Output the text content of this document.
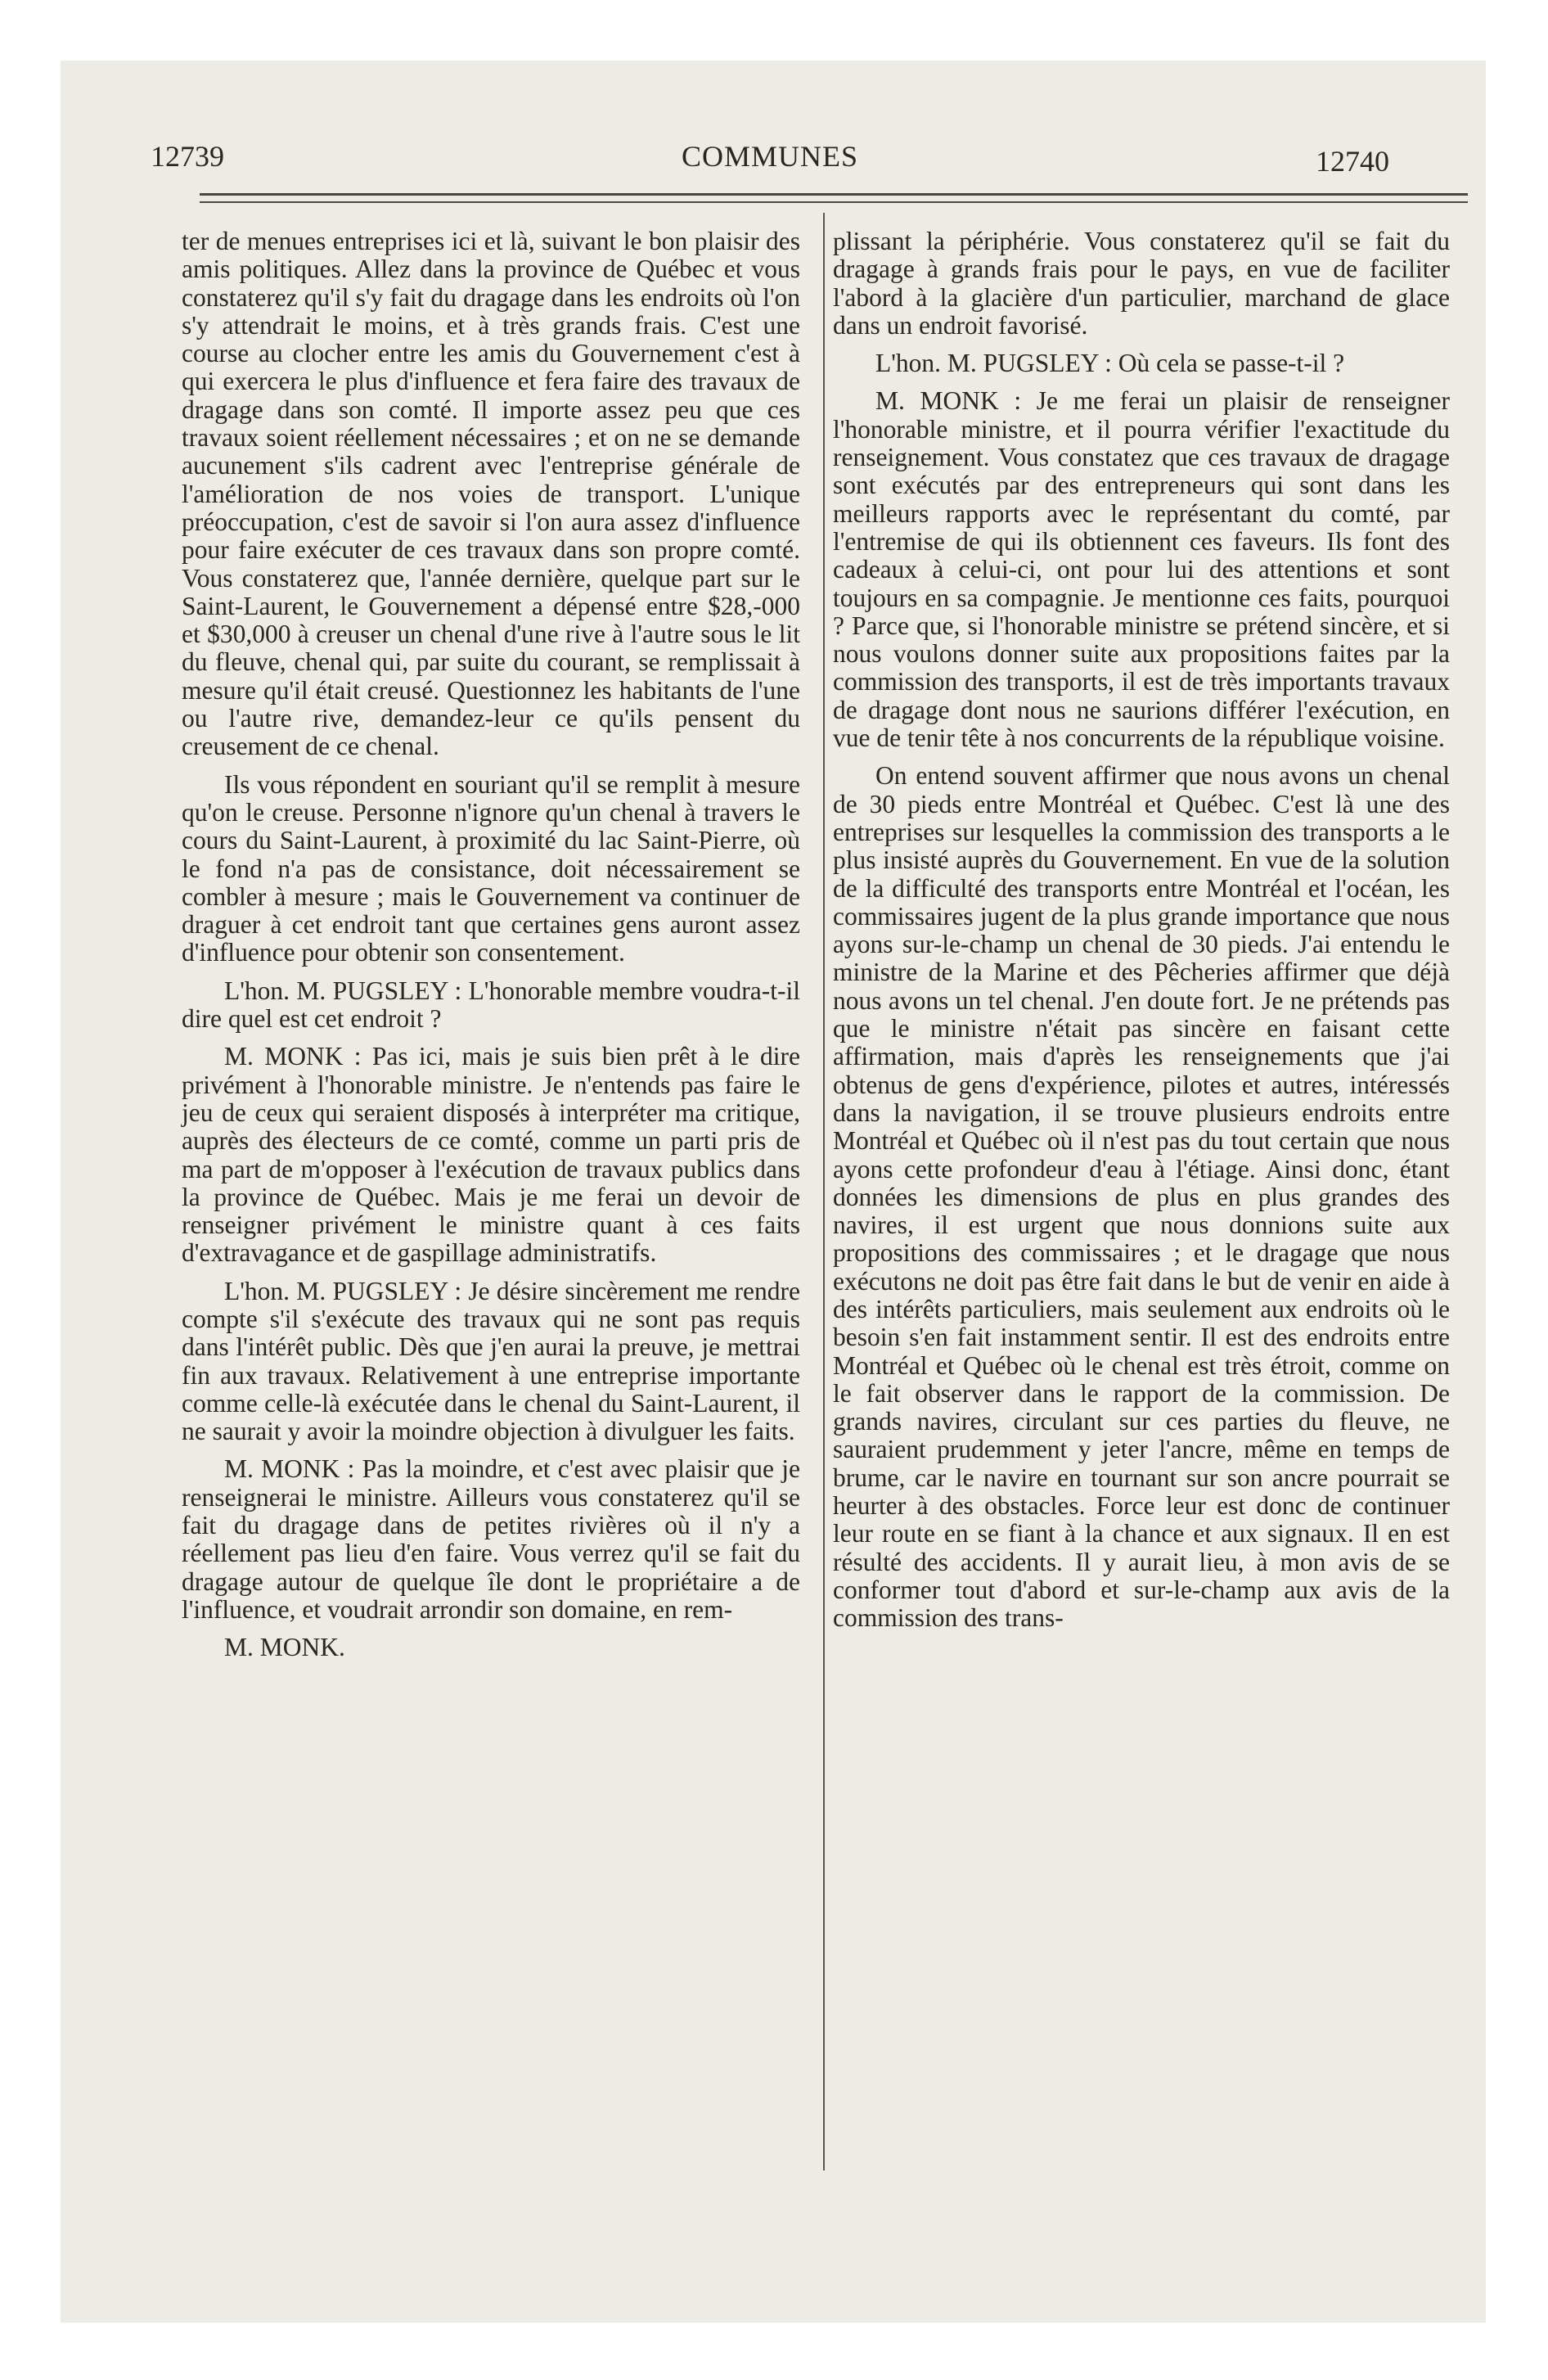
12739	COMMUNES	12740

ter de menues entreprises ici et là, suivant le bon plaisir des amis politiques. Allez dans la province de Québec et vous constaterez qu'il s'y fait du dragage dans les endroits où l'on s'y attendrait le moins, et à très grands frais. C'est une course au clocher entre les amis du Gouvernement c'est à qui exercera le plus d'influence et fera faire des travaux de dragage dans son comté. Il importe assez peu que ces travaux soient réellement nécessaires ; et on ne se demande aucunement s'ils cadrent avec l'entreprise générale de l'amélioration de nos voies de transport. L'unique préoccupation, c'est de savoir si l'on aura assez d'influence pour faire exécuter de ces travaux dans son propre comté. Vous constaterez que, l'année dernière, quelque part sur le Saint-Laurent, le Gouvernement a dépensé entre $28,-000 et $30,000 à creuser un chenal d'une rive à l'autre sous le lit du fleuve, chenal qui, par suite du courant, se remplissait à mesure qu'il était creusé. Questionnez les habitants de l'une ou l'autre rive, demandez-leur ce qu'ils pensent du creusement de ce chenal.

Ils vous répondent en souriant qu'il se remplit à mesure qu'on le creuse. Personne n'ignore qu'un chenal à travers le cours du Saint-Laurent, à proximité du lac Saint-Pierre, où le fond n'a pas de consistance, doit nécessairement se combler à mesure ; mais le Gouvernement va continuer de draguer à cet endroit tant que certaines gens auront assez d'influence pour obtenir son consentement.

L'hon. M. PUGSLEY : L'honorable membre voudra-t-il dire quel est cet endroit ?

M. MONK : Pas ici, mais je suis bien prêt à le dire privément à l'honorable ministre. Je n'entends pas faire le jeu de ceux qui seraient disposés à interpréter ma critique, auprès des électeurs de ce comté, comme un parti pris de ma part de m'opposer à l'exécution de travaux publics dans la province de Québec. Mais je me ferai un devoir de renseigner privément le ministre quant à ces faits d'extravagance et de gaspillage administratifs.

L'hon. M. PUGSLEY : Je désire sincèrement me rendre compte s'il s'exécute des travaux qui ne sont pas requis dans l'intérêt public. Dès que j'en aurai la preuve, je mettrai fin aux travaux. Relativement à une entreprise importante comme celle-là exécutée dans le chenal du Saint-Laurent, il ne saurait y avoir la moindre objection à divulguer les faits.

M. MONK : Pas la moindre, et c'est avec plaisir que je renseignerai le ministre. Ailleurs vous constaterez qu'il se fait du dragage dans de petites rivières où il n'y a réellement pas lieu d'en faire. Vous verrez qu'il se fait du dragage autour de quelque île dont le propriétaire a de l'influence, et voudrait arrondir son domaine, en rem-

M. MONK.

plissant la périphérie. Vous constaterez qu'il se fait du dragage à grands frais pour le pays, en vue de faciliter l'abord à la glacière d'un particulier, marchand de glace dans un endroit favorisé.

L'hon. M. PUGSLEY : Où cela se passe-t-il ?

M. MONK : Je me ferai un plaisir de renseigner l'honorable ministre, et il pourra vérifier l'exactitude du renseignement. Vous constatez que ces travaux de dragage sont exécutés par des entrepreneurs qui sont dans les meilleurs rapports avec le représentant du comté, par l'entremise de qui ils obtiennent ces faveurs. Ils font des cadeaux à celui-ci, ont pour lui des attentions et sont toujours en sa compagnie. Je mentionne ces faits, pourquoi ? Parce que, si l'honorable ministre se prétend sincère, et si nous voulons donner suite aux propositions faites par la commission des transports, il est de très importants travaux de dragage dont nous ne saurions différer l'exécution, en vue de tenir tête à nos concurrents de la république voisine.

On entend souvent affirmer que nous avons un chenal de 30 pieds entre Montréal et Québec. C'est là une des entreprises sur lesquelles la commission des transports a le plus insisté auprès du Gouvernement. En vue de la solution de la difficulté des transports entre Montréal et l'océan, les commissaires jugent de la plus grande importance que nous ayons sur-le-champ un chenal de 30 pieds. J'ai entendu le ministre de la Marine et des Pêcheries affirmer que déjà nous avons un tel chenal. J'en doute fort. Je ne prétends pas que le ministre n'était pas sincère en faisant cette affirmation, mais d'après les renseignements que j'ai obtenus de gens d'expérience, pilotes et autres, intéressés dans la navigation, il se trouve plusieurs endroits entre Montréal et Québec où il n'est pas du tout certain que nous ayons cette profondeur d'eau à l'étiage. Ainsi donc, étant données les dimensions de plus en plus grandes des navires, il est urgent que nous donnions suite aux propositions des commissaires ; et le dragage que nous exécutons ne doit pas être fait dans le but de venir en aide à des intérêts particuliers, mais seulement aux endroits où le besoin s'en fait instamment sentir. Il est des endroits entre Montréal et Québec où le chenal est très étroit, comme on le fait observer dans le rapport de la commission. De grands navires, circulant sur ces parties du fleuve, ne sauraient prudemment y jeter l'ancre, même en temps de brume, car le navire en tournant sur son ancre pourrait se heurter à des obstacles. Force leur est donc de continuer leur route en se fiant à la chance et aux signaux. Il en est résulté des accidents. Il y aurait lieu, à mon avis de se conformer tout d'abord et sur-le-champ aux avis de la commission des trans-
